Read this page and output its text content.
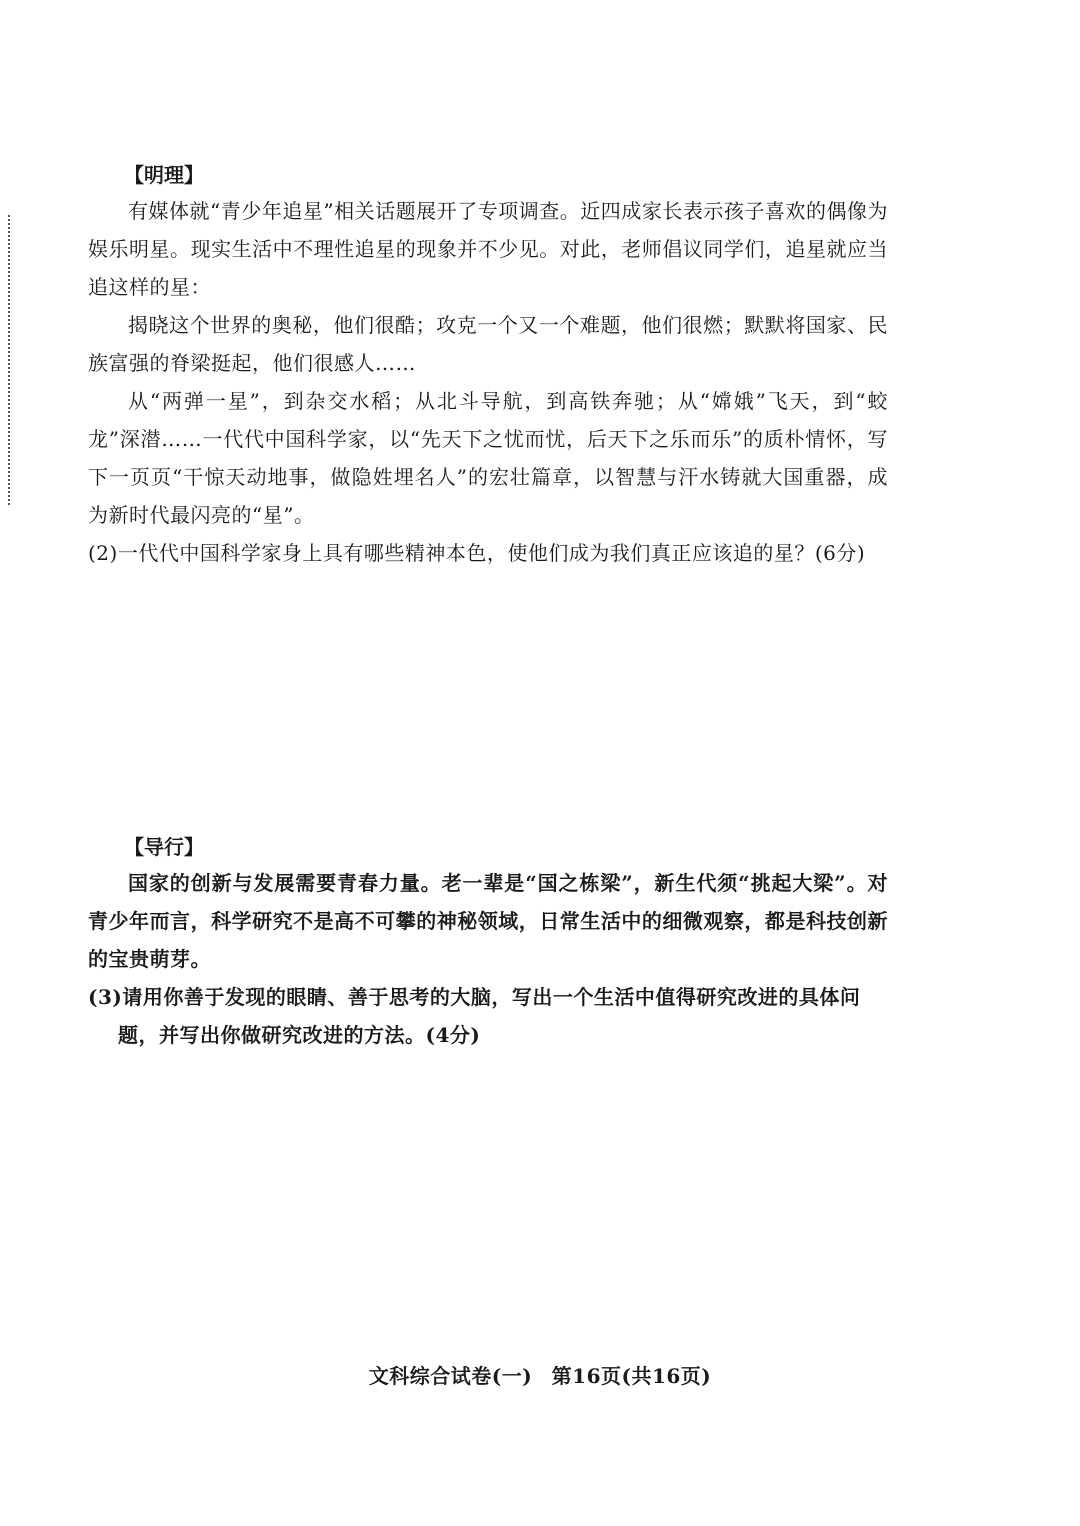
【明理】

有媒体就“青少年追星”相关话题展开了专项调查。近四成家长表示孩子喜欢的偶像为娱乐明星。现实生活中不理性追星的现象并不少见。对此，老师倡议同学们，追星就应当追这样的星：

揭晓这个世界的奥秘，他们很酷；攻克一个又一个难题，他们很燃；默默将国家、民族富强的脊梁挺起，他们很感人……

从“两弹一星”，到杂交水稻；从北斗导航，到高铁奔驰；从“嫦娥”飞天，到“蛟龙”深潜……一代代中国科学家，以“先天下之忧而忧，后天下之乐而乐”的质朴情怀，写下一页页“干惊天动地事，做隐姓埋名人”的宏壮篇章，以智慧与汗水铸就大国重器，成为新时代最闪亮的“星”。

(2)一代代中国科学家身上具有哪些精神本色，使他们成为我们真正应该追的星？(6分)

【导行】

国家的创新与发展需要青春力量。老一辈是“国之栋梁”，新生代须“挑起大梁”。对青少年而言，科学研究不是高不可攀的神秘领域，日常生活中的细微观察，都是科技创新的宝贵萌芽。

(3)请用你善于发现的眼睛、善于思考的大脑，写出一个生活中值得研究改进的具体问题，并写出你做研究改进的方法。(4分)

文科综合试卷(一) 第16页(共16页)
